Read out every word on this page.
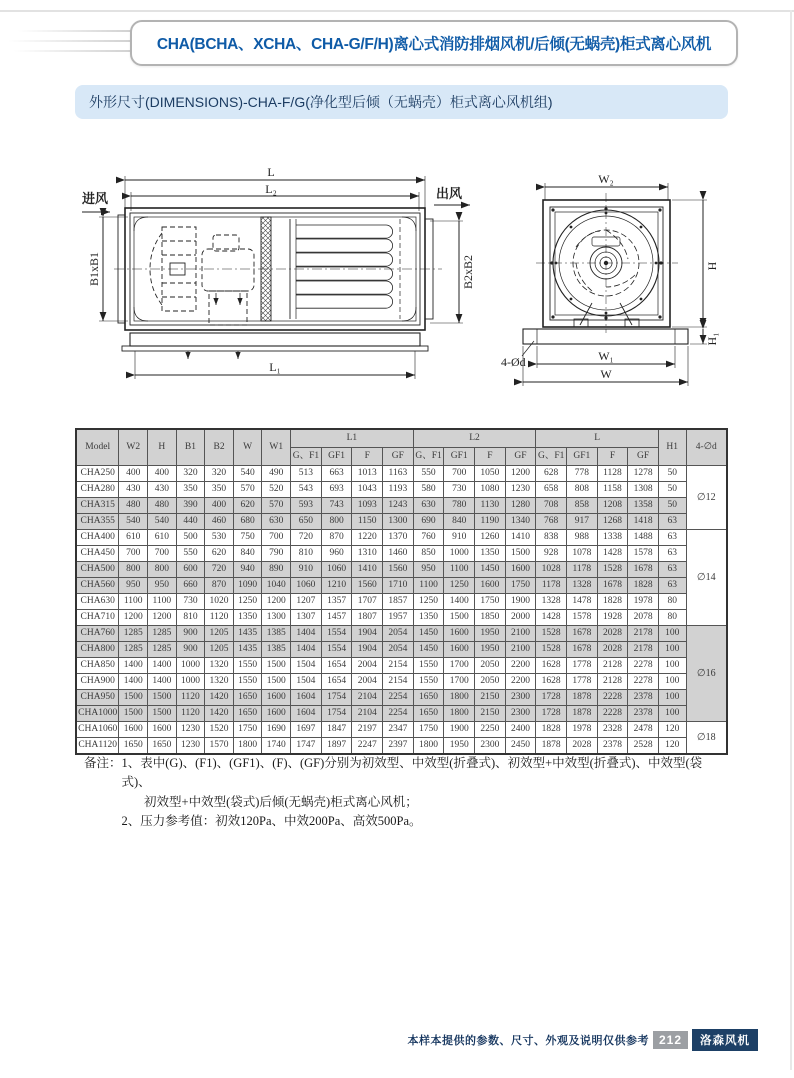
CHA(BCHA、XCHA、CHA-G/F/H)离心式消防排烟风机/后倾(无蜗壳)柜式离心风机
外形尺寸(DIMENSIONS)-CHA-F/G(净化型后倾（无蜗壳）柜式离心风机组)
L
L₂
L₁
进风	出风
B1xB1	B2xB2
W₂
H
H₁
W₁
W
4-Ød
Model	W2	H	B1	B2	W	W1	L1				L2				L				H1	4-∅d
							G、F1	GF1	F	GF	G、F1	GF1	F	GF	G、F1	GF1	F	GF		
CHA250	400	400	320	320	540	490	513	663	1013	1163	550	700	1050	1200	628	778	1128	1278	50	∅12
CHA280	430	430	350	350	570	520	543	693	1043	1193	580	730	1080	1230	658	808	1158	1308	50	
CHA315	480	480	390	400	620	570	593	743	1093	1243	630	780	1130	1280	708	858	1208	1358	50	
CHA355	540	540	440	460	680	630	650	800	1150	1300	690	840	1190	1340	768	917	1268	1418	63	
CHA400	610	610	500	530	750	700	720	870	1220	1370	760	910	1260	1410	838	988	1338	1488	63	∅14
CHA450	700	700	550	620	840	790	810	960	1310	1460	850	1000	1350	1500	928	1078	1428	1578	63	
CHA500	800	800	600	720	940	890	910	1060	1410	1560	950	1100	1450	1600	1028	1178	1528	1678	63	
CHA560	950	950	660	870	1090	1040	1060	1210	1560	1710	1100	1250	1600	1750	1178	1328	1678	1828	63	
CHA630	1100	1100	730	1020	1250	1200	1207	1357	1707	1857	1250	1400	1750	1900	1328	1478	1828	1978	80	
CHA710	1200	1200	810	1120	1350	1300	1307	1457	1807	1957	1350	1500	1850	2000	1428	1578	1928	2078	80	
CHA760	1285	1285	900	1205	1435	1385	1404	1554	1904	2054	1450	1600	1950	2100	1528	1678	2028	2178	100	∅16
CHA800	1285	1285	900	1205	1435	1385	1404	1554	1904	2054	1450	1600	1950	2100	1528	1678	2028	2178	100	
CHA850	1400	1400	1000	1320	1550	1500	1504	1654	2004	2154	1550	1700	2050	2200	1628	1778	2128	2278	100	
CHA900	1400	1400	1000	1320	1550	1500	1504	1654	2004	2154	1550	1700	2050	2200	1628	1778	2128	2278	100	
CHA950	1500	1500	1120	1420	1650	1600	1604	1754	2104	2254	1650	1800	2150	2300	1728	1878	2228	2378	100	
CHA1000	1500	1500	1120	1420	1650	1600	1604	1754	2104	2254	1650	1800	2150	2300	1728	1878	2228	2378	100	
CHA1060	1600	1600	1230	1520	1750	1690	1697	1847	2197	2347	1750	1900	2250	2400	1828	1978	2328	2478	120	∅18
CHA1120	1650	1650	1230	1570	1800	1740	1747	1897	2247	2397	1800	1950	2300	2450	1878	2028	2378	2528	120	
备注： 1、表中(G)、(F1)、(GF1)、(F)、(GF)分别为初效型、中效型(折叠式)、初效型+中效型(折叠式)、中效型(袋式)、
初效型+中效型(袋式)后倾(无蜗壳)柜式离心风机；
2、压力参考值：初效120Pa、中效200Pa、高效500Pa。
本样本提供的参数、尺寸、外观及说明仅供参考 212	洛森风机
